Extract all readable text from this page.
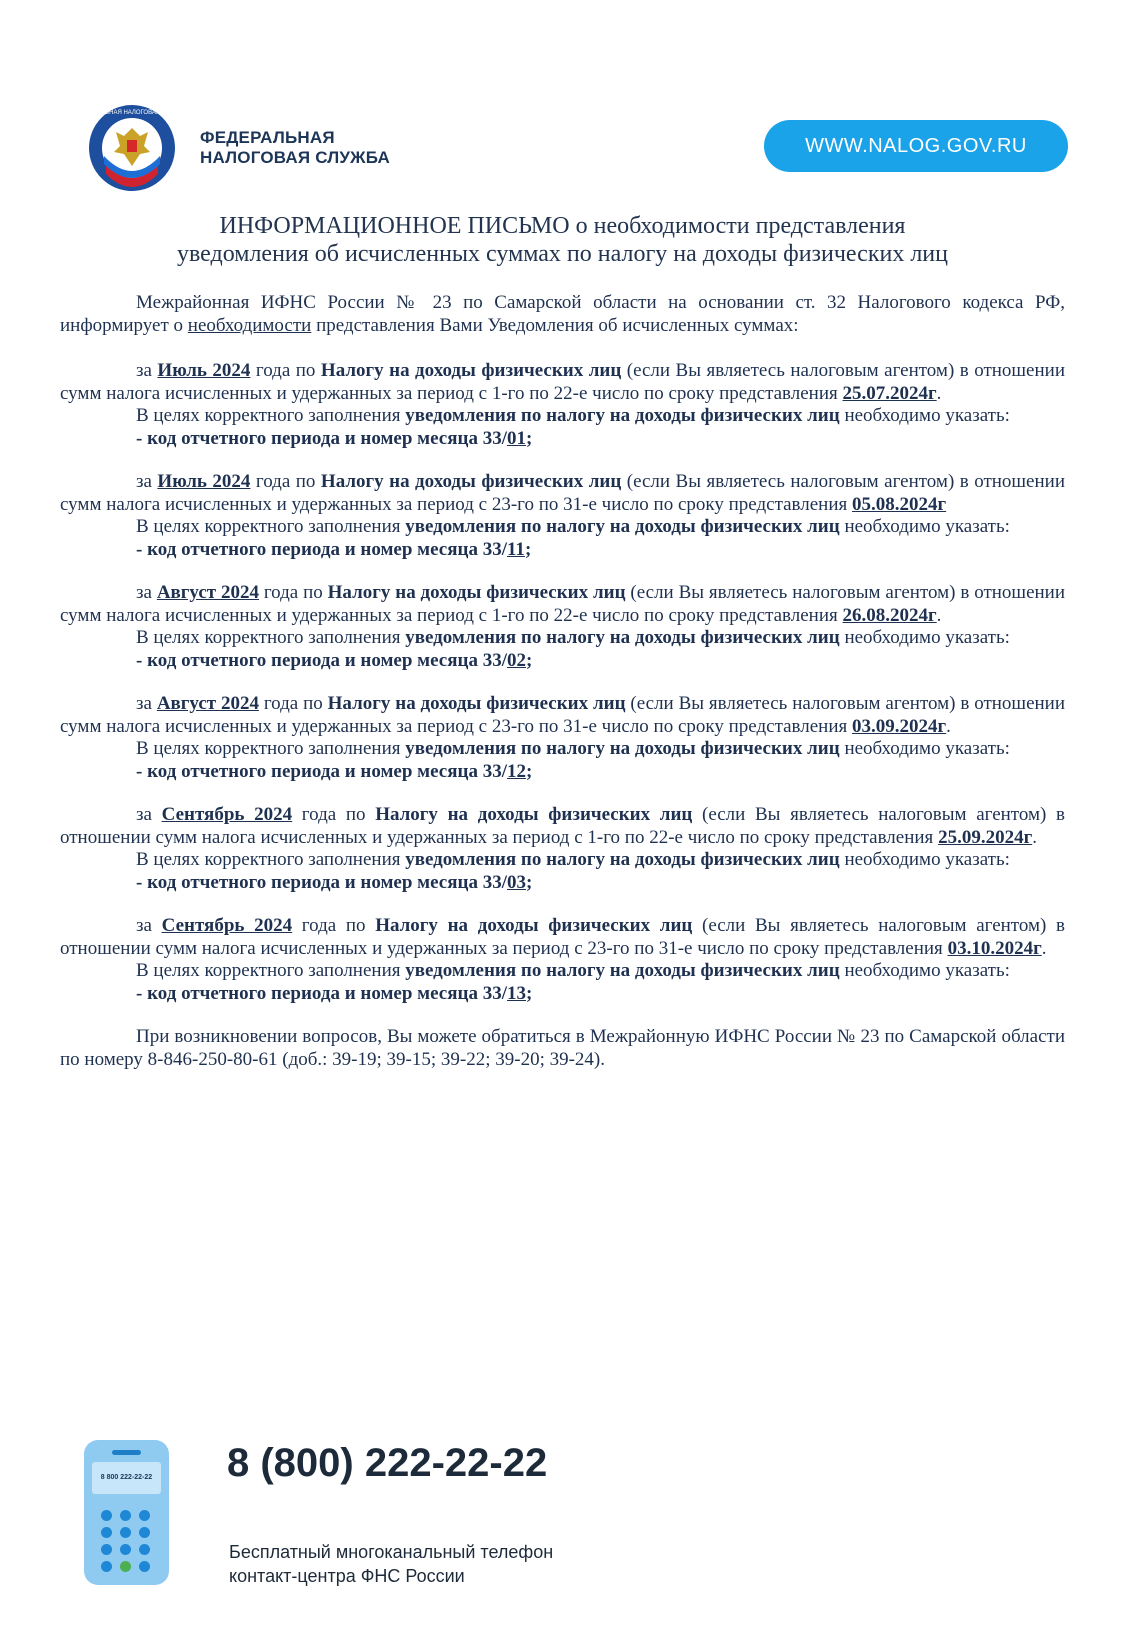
ФЕДЕРАЛЬНАЯ НАЛОГОВАЯ СЛУЖБА
ФЕДЕРАЛЬНАЯ
НАЛОГОВАЯ СЛУЖБА
WWW.NALOG.GOV.RU
ИНФОРМАЦИОННОЕ ПИСЬМО о необходимости представления
уведомления об исчисленных суммах по налогу на доходы физических лиц

Межрайонная ИФНС России № 23 по Самарской области на основании ст. 32 Налогового кодекса РФ, информирует о необходимости представления Вами Уведомления об исчисленных суммах:

за Июль 2024 года по Налогу на доходы физических лиц (если Вы являетесь налоговым агентом) в отношении сумм налога исчисленных и удержанных за период с 1-го по 22-е число по сроку представления 25.07.2024г.

В целях корректного заполнения уведомления по налогу на доходы физических лиц необходимо указать:

- код отчетного периода и номер месяца 33/01;

за Июль 2024 года по Налогу на доходы физических лиц (если Вы являетесь налоговым агентом) в отношении сумм налога исчисленных и удержанных за период с 23-го по 31-е число по сроку представления 05.08.2024г

В целях корректного заполнения уведомления по налогу на доходы физических лиц необходимо указать:

- код отчетного периода и номер месяца 33/11;

за Август 2024 года по Налогу на доходы физических лиц (если Вы являетесь налоговым агентом) в отношении сумм налога исчисленных и удержанных за период с 1-го по 22-е число по сроку представления 26.08.2024г.

В целях корректного заполнения уведомления по налогу на доходы физических лиц необходимо указать:

- код отчетного периода и номер месяца 33/02;

за Август 2024 года по Налогу на доходы физических лиц (если Вы являетесь налоговым агентом) в отношении сумм налога исчисленных и удержанных за период с 23-го по 31-е число по сроку представления 03.09.2024г.

В целях корректного заполнения уведомления по налогу на доходы физических лиц необходимо указать:

- код отчетного периода и номер месяца 33/12;

за Сентябрь 2024 года по Налогу на доходы физических лиц (если Вы являетесь налоговым агентом) в отношении сумм налога исчисленных и удержанных за период с 1-го по 22-е число по сроку представления 25.09.2024г.

В целях корректного заполнения уведомления по налогу на доходы физических лиц необходимо указать:

- код отчетного периода и номер месяца 33/03;

за Сентябрь 2024 года по Налогу на доходы физических лиц (если Вы являетесь налоговым агентом) в отношении сумм налога исчисленных и удержанных за период с 23-го по 31-е число по сроку представления 03.10.2024г.

В целях корректного заполнения уведомления по налогу на доходы физических лиц необходимо указать:

- код отчетного периода и номер месяца 33/13;

При возникновении вопросов, Вы можете обратиться в Межрайонную ИФНС России № 23 по Самарской области по номеру 8-846-250-80-61 (доб.: 39-19; 39-15; 39-22; 39-20; 39-24).

8 800 222-22-22 8 (800) 222-22-22
Бесплатный многоканальный телефон
контакт-центра ФНС России
